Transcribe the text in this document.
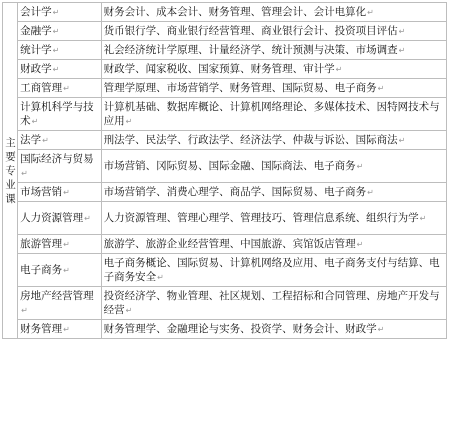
主要专业课	会计学↵	财务会计、成本会计、财务管理、管理会计、会计电算化↵
	金融学↵	货币银行学、商业银行经营管理、商业银行会计、投资项目评估↵
	统计学↵	礼会经济统计学原理、计量经济学、统计预测与决策、市场调查↵
	财政学↵	财政学、闻家税收、国家预算、财务管理、审计学↵
	工商管理↵	管理学原理、市场营销学、财务管理、国际贸易、电子商务↵
	计算机科学与技术↵	计算机基础、数据库概论、计算机网络理论、多媒体技术、因特网技术与应用↵
	法学↵	刑法学、民法学、行政法学、经济法学、仲裁与诉讼、国际商法↵
	国际经济与贸易↵	市场营销、冈际贸易、国际金融、国际商法、电子商务↵
	市场营销↵	市场营销学、消费心理学、商品学、国际贸易、电子商务↵
	人力资源管理↵	人力资源管理、管理心理学、管理技巧、管理信息系统、组织行为学↵
	旅游管理↵	旅游学、旅游企业经营管理、中国旅游、宾馆饭店管理↵
	电子商务↵	电子商务概论、国际贸易、计算机网络及应用、电子商务支付与结算、电子商务安全↵
	房地产经营管理↵	投资经济学、物业管理、社区规划、工程招标和合同管理、房地产开发与经营↵
	财务管理↵	财务管理学、金融理论与实务、投资学、财务会计、财政学↵
